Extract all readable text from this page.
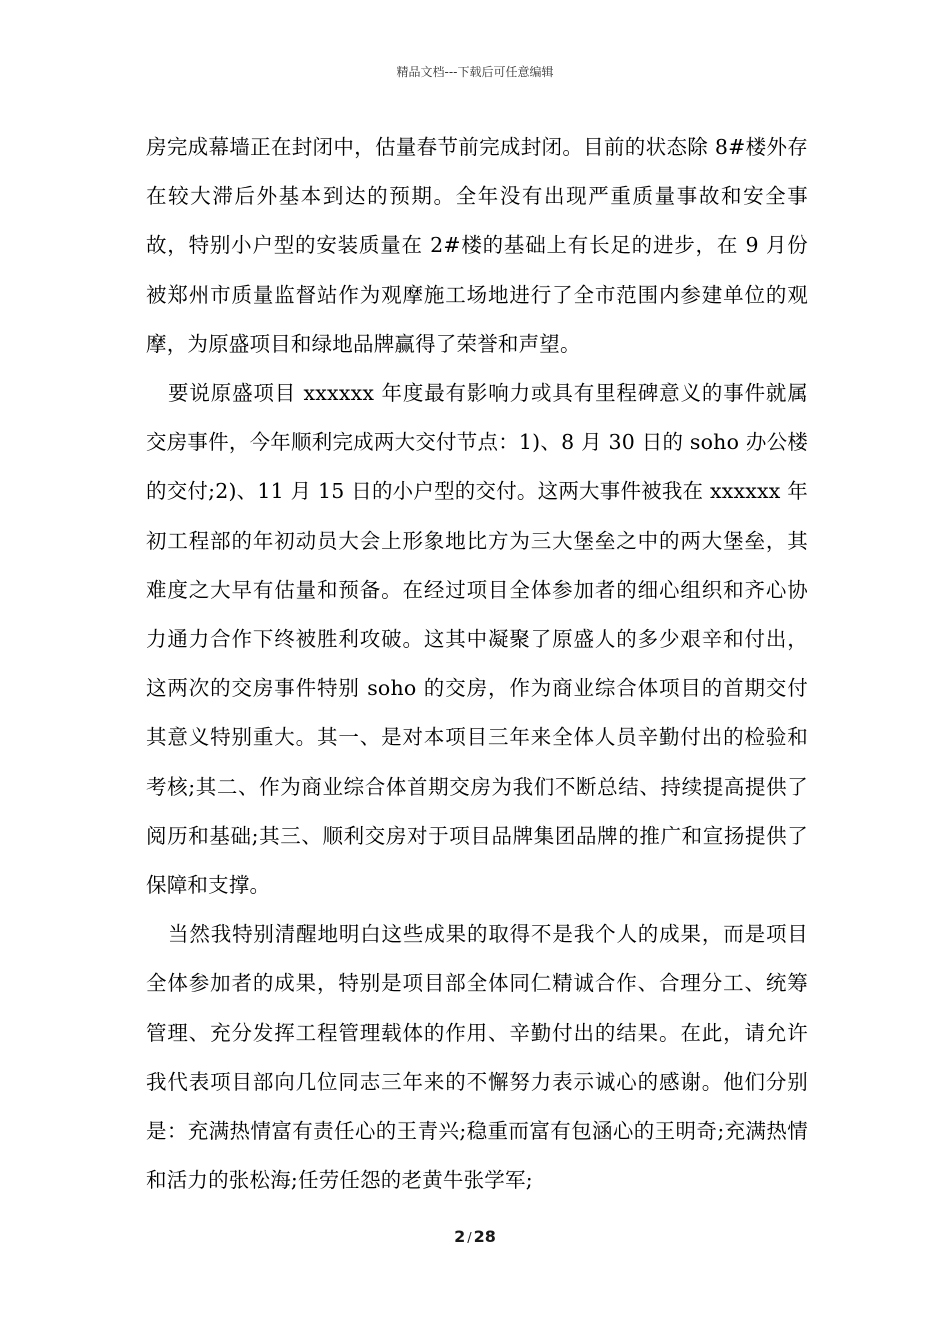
精品文档---下载后可任意编辑

房完成幕墙正在封闭中，估量春节前完成封闭。目前的状态除 8#楼外存在较大滞后外基本到达的预期。全年没有出现严重质量事故和安全事故，特别小户型的安装质量在 2#楼的基础上有长足的进步，在 9 月份被郑州市质量监督站作为观摩施工场地进行了全市范围内参建单位的观摩，为原盛项目和绿地品牌赢得了荣誉和声望。

要说原盛项目 xxxxxx 年度最有影响力或具有里程碑意义的事件就属交房事件，今年顺利完成两大交付节点：1)、8 月 30 日的 soho 办公楼的交付;2)、11 月 15 日的小户型的交付。这两大事件被我在 xxxxxx 年初工程部的年初动员大会上形象地比方为三大堡垒之中的两大堡垒，其难度之大早有估量和预备。在经过项目全体参加者的细心组织和齐心协力通力合作下终被胜利攻破。这其中凝聚了原盛人的多少艰辛和付出，这两次的交房事件特别 soho 的交房，作为商业综合体项目的首期交付其意义特别重大。其一、是对本项目三年来全体人员辛勤付出的检验和考核;其二、作为商业综合体首期交房为我们不断总结、持续提高提供了阅历和基础;其三、顺利交房对于项目品牌集团品牌的推广和宣扬提供了保障和支撑。

当然我特别清醒地明白这些成果的取得不是我个人的成果，而是项目全体参加者的成果，特别是项目部全体同仁精诚合作、合理分工、统筹管理、充分发挥工程管理载体的作用、辛勤付出的结果。在此，请允许我代表项目部向几位同志三年来的不懈努力表示诚心的感谢。他们分别是：充满热情富有责任心的王青兴;稳重而富有包涵心的王明奇;充满热情和活力的张松海;任劳任怨的老黄牛张学军;

2 / 28
